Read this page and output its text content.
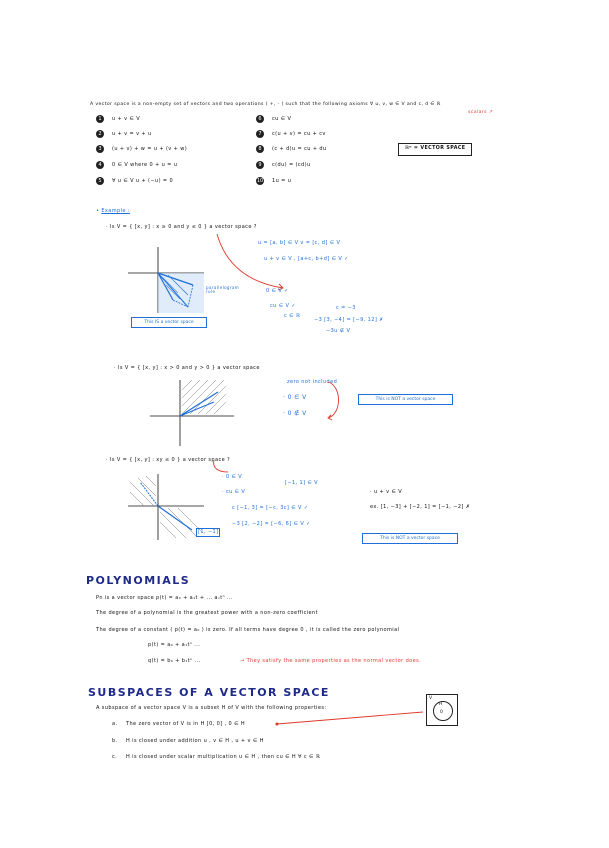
A vector space is a non-empty set of vectors and two operations ( +, · ) such that the following axioms ∀ u, v, w ∈ V and c, d ∈ ℝ
scalars ↗
1	u + v ∈ V
2	u + v = v + u
3	(u + v) + w = u + (v + w)
4	0 ∈ V where 0 + u = u
5	∀ u ∈ V u + (−u) = 0
6	cu ∈ V
7	c(u + v) = cu + cv
8	(c + d)u = cu + du
9	c(du) = (cd)u
10 1u = u
ℝⁿ = VECTOR SPACE
• Example :
· Is V = { [x, y] : x ≥ 0 and y ≤ 0 } a vector space ?
parallelogram rule
u = [a, b] ∈ V v = [c, d] ∈ V
u + v ∈ V , [a+c, b+d] ∈ V ✓
0 ∈ V ✓
cu ∈ V ✓
c ∈ ℝ
c = −3
−3 [3, −4] = [−9, 12] ✗
−3u ∉ V
This IS a vector space
· Is V = { [x, y] : x > 0 and y > 0 } a vector space
zero not included
· 0 ∈ V
· 0 ∉ V
This is NOT a vector space
· Is V = { [x, y] : xy ≤ 0 } a vector space ?
[1, −1]
· 0 ∈ V
· cu ∈ V
c [−1, 3] = [−c, 3c] ∈ V ✓
−3 [2, −2] = [−6, 6] ∈ V ✓
[−1, 1] ∈ V
· u + v ∈ V
ex. [1, −3] + [−2, 1] = [−1, −2] ✗
This is NOT a vector space
POLYNOMIALS
Pn is a vector space p(t) = a₀ + a₁t + ... aₙtⁿ ...
The degree of a polynomial is the greatest power with a non-zero coefficient
The degree of a constant ( p(t) = a₀ ) is zero. If all terms have degree 0 , it is called the zero polynomial
p(t) = a₀ + a₁tⁿ ...
q(t) = b₀ + b₁tⁿ ...	→ They satisfy the same properties as the normal vector does.
SUBSPACES OF A VECTOR SPACE
A subspace of a vector space V is a subset H of V with the following properties:
a. The zero vector of V is in H [0, 0] , 0 ∈ H
b. H is closed under addition u , v ∈ H , u + v ∈ H
c. H is closed under scalar multiplication u ∈ H , then cu ∈ H ∀ c ∈ ℝ
V
H
0
